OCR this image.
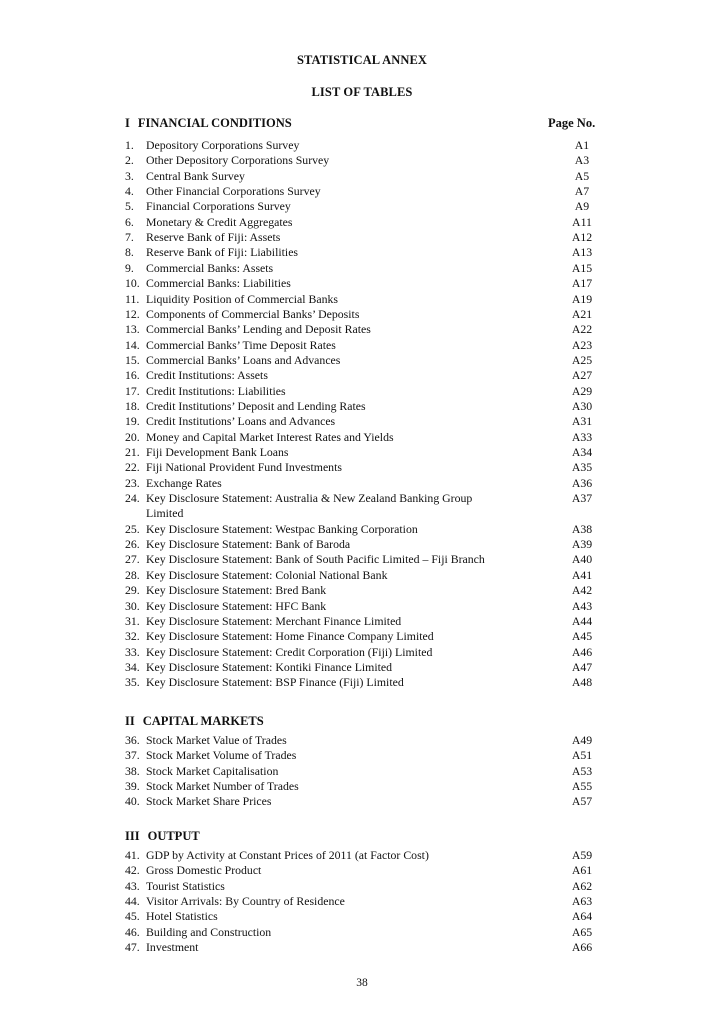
STATISTICAL ANNEX
LIST OF TABLES
Page No.
I FINANCIAL CONDITIONS
1. Depository Corporations Survey	A1
2. Other Depository Corporations Survey	A3
3. Central Bank Survey	A5
4. Other Financial Corporations Survey	A7
5. Financial Corporations Survey	A9
6. Monetary & Credit Aggregates	A11
7. Reserve Bank of Fiji: Assets	A12
8. Reserve Bank of Fiji: Liabilities	A13
9. Commercial Banks: Assets	A15
10. Commercial Banks: Liabilities	A17
11. Liquidity Position of Commercial Banks	A19
12. Components of Commercial Banks’ Deposits	A21
13. Commercial Banks’ Lending and Deposit Rates	A22
14. Commercial Banks’ Time Deposit Rates	A23
15. Commercial Banks’ Loans and Advances	A25
16. Credit Institutions: Assets	A27
17. Credit Institutions: Liabilities	A29
18. Credit Institutions’ Deposit and Lending Rates	A30
19. Credit Institutions’ Loans and Advances	A31
20. Money and Capital Market Interest Rates and Yields	A33
21. Fiji Development Bank Loans	A34
22. Fiji National Provident Fund Investments	A35
23. Exchange Rates	A36
24. Key Disclosure Statement: Australia & New Zealand Banking Group	A37
Limited
25. Key Disclosure Statement: Westpac Banking Corporation	A38
26. Key Disclosure Statement: Bank of Baroda	A39
27. Key Disclosure Statement: Bank of South Pacific Limited – Fiji Branch	A40
28. Key Disclosure Statement: Colonial National Bank	A41
29. Key Disclosure Statement: Bred Bank	A42
30. Key Disclosure Statement: HFC Bank	A43
31. Key Disclosure Statement: Merchant Finance Limited	A44
32. Key Disclosure Statement: Home Finance Company Limited	A45
33. Key Disclosure Statement: Credit Corporation (Fiji) Limited	A46
34. Key Disclosure Statement: Kontiki Finance Limited	A47
35. Key Disclosure Statement: BSP Finance (Fiji) Limited	A48
II CAPITAL MARKETS
36. Stock Market Value of Trades	A49
37. Stock Market Volume of Trades	A51
38. Stock Market Capitalisation	A53
39. Stock Market Number of Trades	A55
40. Stock Market Share Prices	A57
III OUTPUT
41. GDP by Activity at Constant Prices of 2011 (at Factor Cost)	A59
42. Gross Domestic Product	A61
43. Tourist Statistics	A62
44. Visitor Arrivals: By Country of Residence	A63
45. Hotel Statistics	A64
46. Building and Construction	A65
47. Investment	A66
38
